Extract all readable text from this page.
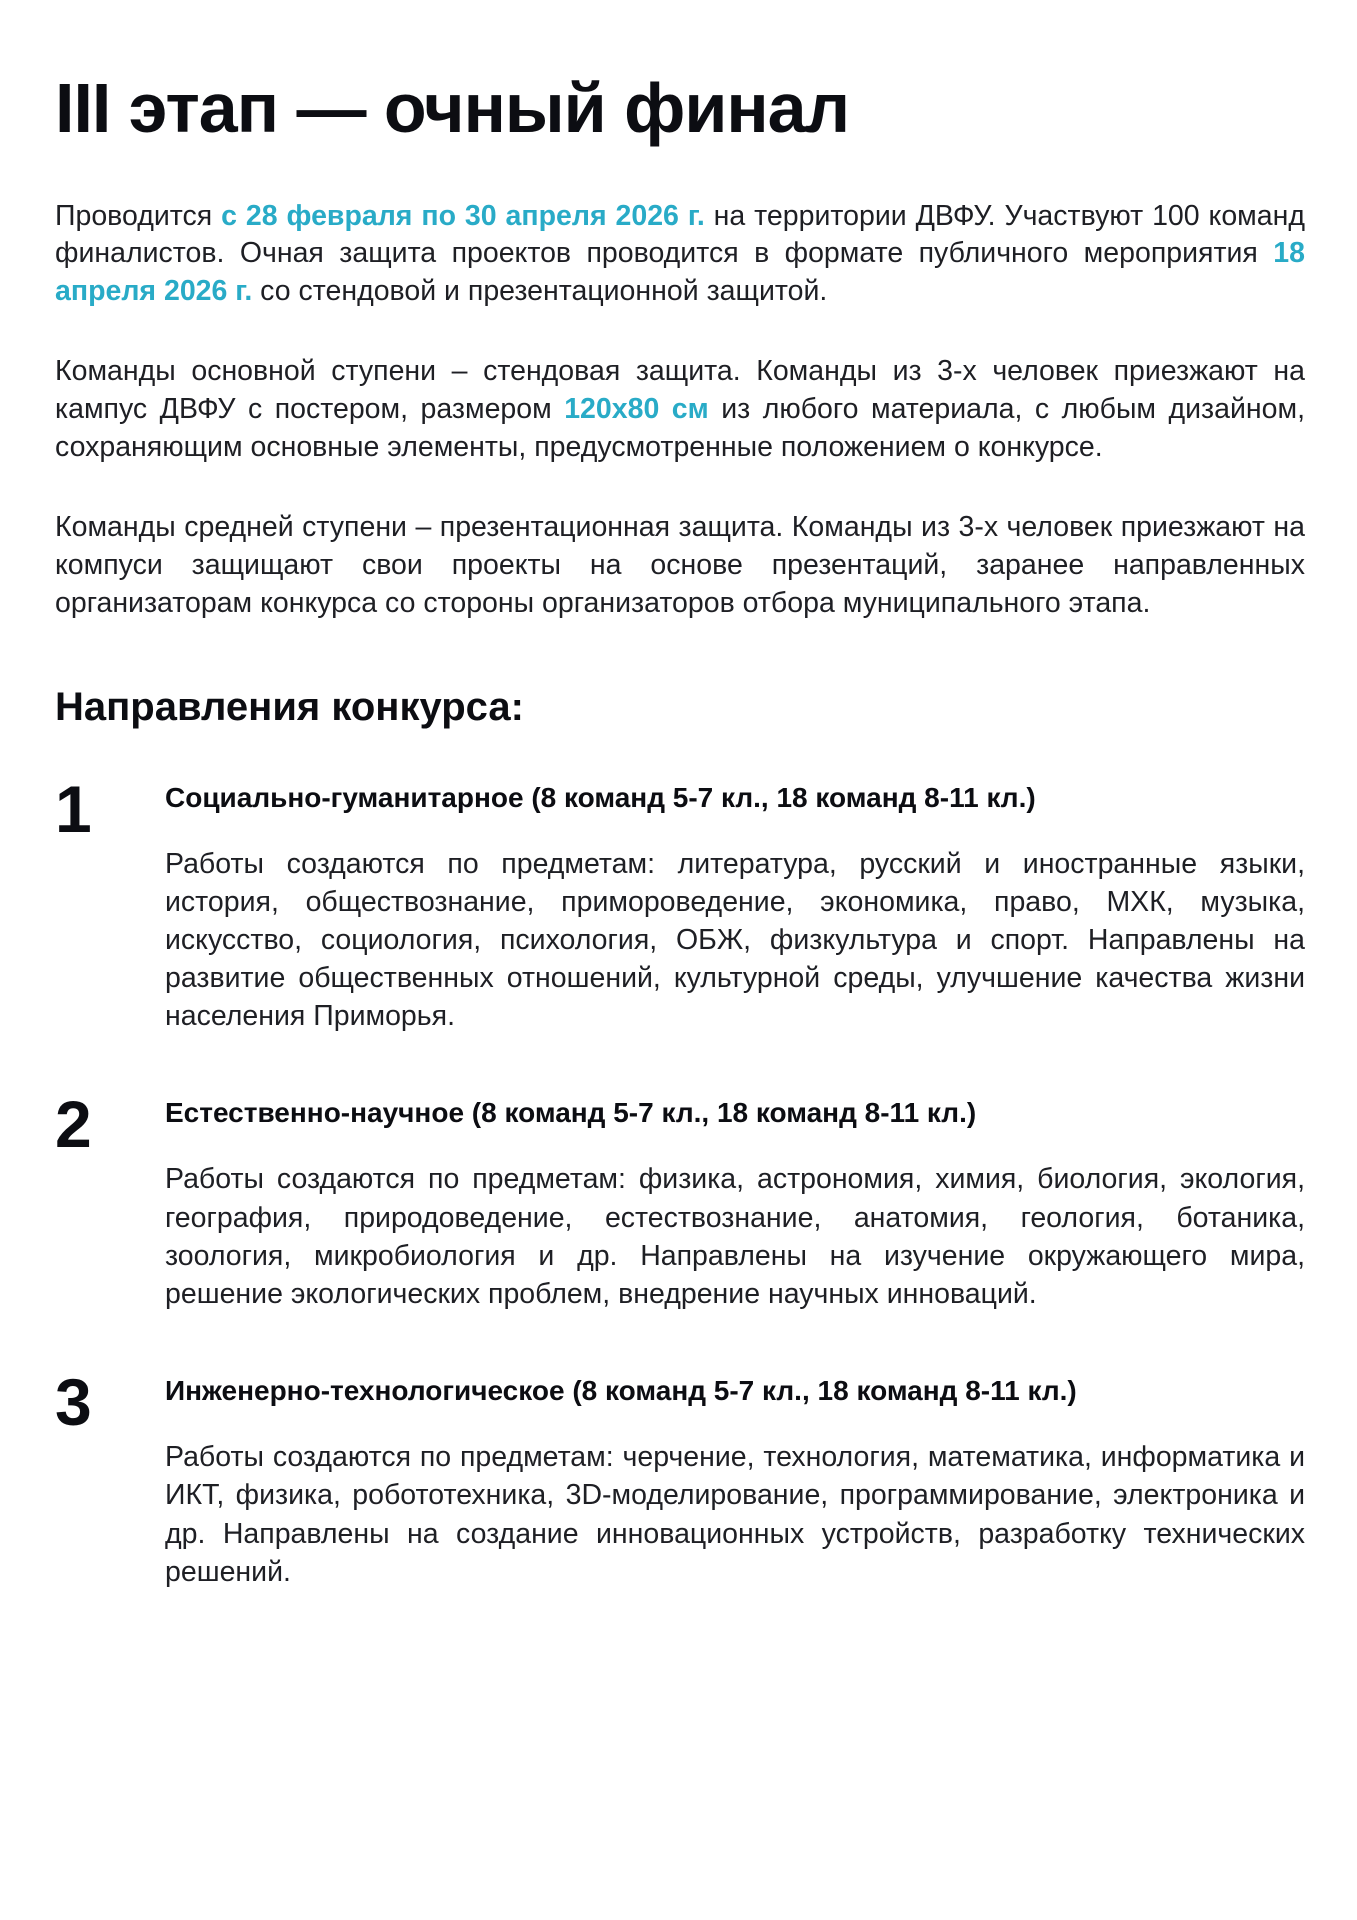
III этап — очный финал

Проводится с 28 февраля по 30 апреля 2026 г. на территории ДВФУ. Участвуют 100 команд финалистов. Очная защита проектов проводится в формате публичного мероприятия 18 апреля 2026 г. со стендовой и презентационной защитой.

Команды основной ступени – стендовая защита. Команды из 3-х человек приезжают на кампус ДВФУ с постером, размером 120x80 см из любого материала, с любым дизайном, сохраняющим основные элементы, предусмотренные положением о конкурсе.

Команды средней ступени – презентационная защита. Команды из 3-х человек приезжают на компуси защищают свои проекты на основе презентаций, заранее направленных организаторам конкурса со стороны организаторов отбора муниципального этапа.

Направления конкурса:
1	Социально-гуманитарное (8 команд 5-7 кл., 18 команд 8-11 кл.)
Работы создаются по предметам: литература, русский и иностранные языки, история, обществознание, примороведение, экономика, право, МХК, музыка, искусство, социология, психология, ОБЖ, физкультура и спорт. Направлены на развитие общественных отношений, культурной среды, улучшение качества жизни населения Приморья.
2	Естественно-научное (8 команд 5-7 кл., 18 команд 8-11 кл.)
Работы создаются по предметам: физика, астрономия, химия, биология, экология, география, природоведение, естествознание, анатомия, геология, ботаника, зоология, микробиология и др. Направлены на изучение окружающего мира, решение экологических проблем, внедрение научных инноваций.
3	Инженерно-технологическое (8 команд 5-7 кл., 18 команд 8-11 кл.)
Работы создаются по предметам: черчение, технология, математика, информатика и ИКТ, физика, робототехника, 3D-моделирование, программирование, электроника и др. Направлены на создание инновационных устройств, разработку технических решений.
